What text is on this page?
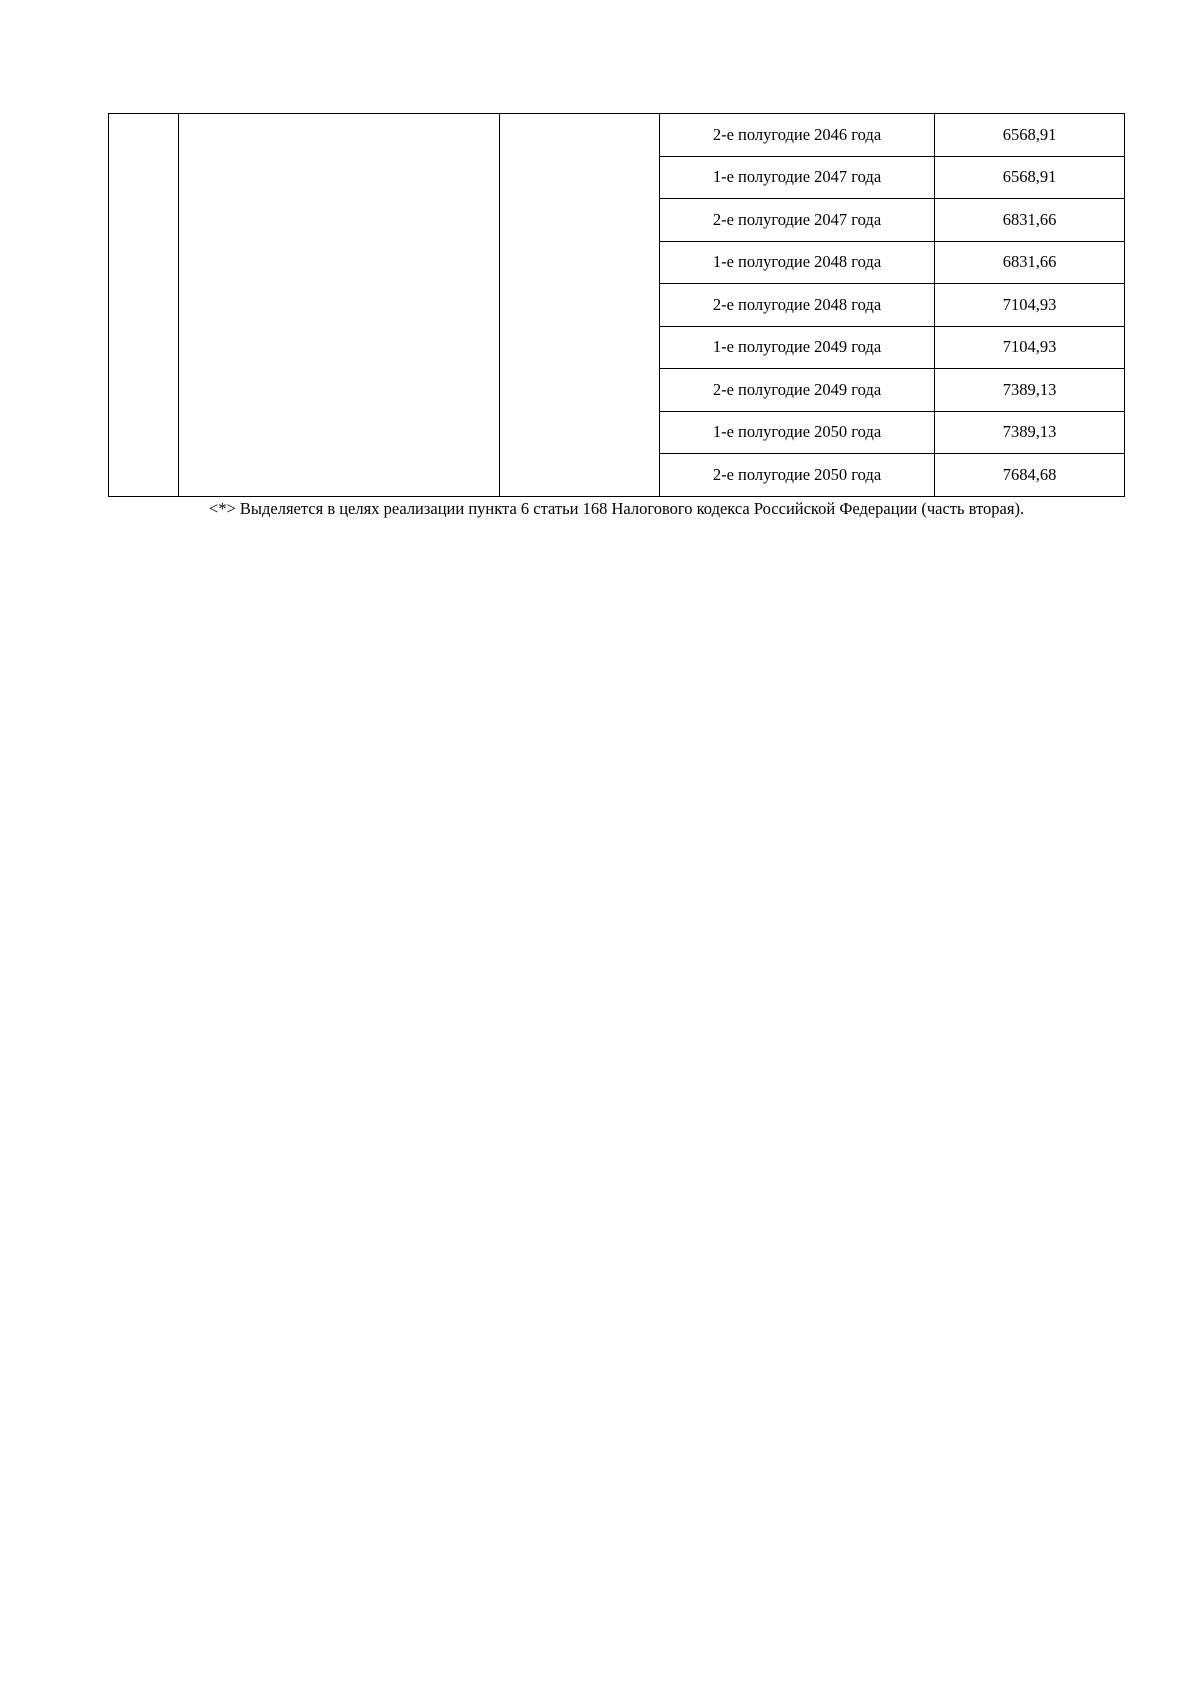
			2-е полугодие 2046 года	6568,91
			1-е полугодие 2047 года	6568,91
			2-е полугодие 2047 года	6831,66
			1-е полугодие 2048 года	6831,66
			2-е полугодие 2048 года	7104,93
			1-е полугодие 2049 года	7104,93
			2-е полугодие 2049 года	7389,13
			1-е полугодие 2050 года	7389,13
			2-е полугодие 2050 года	7684,68
<*> Выделяется в целях реализации пункта 6 статьи 168 Налогового кодекса Российской Федерации (часть вторая).
